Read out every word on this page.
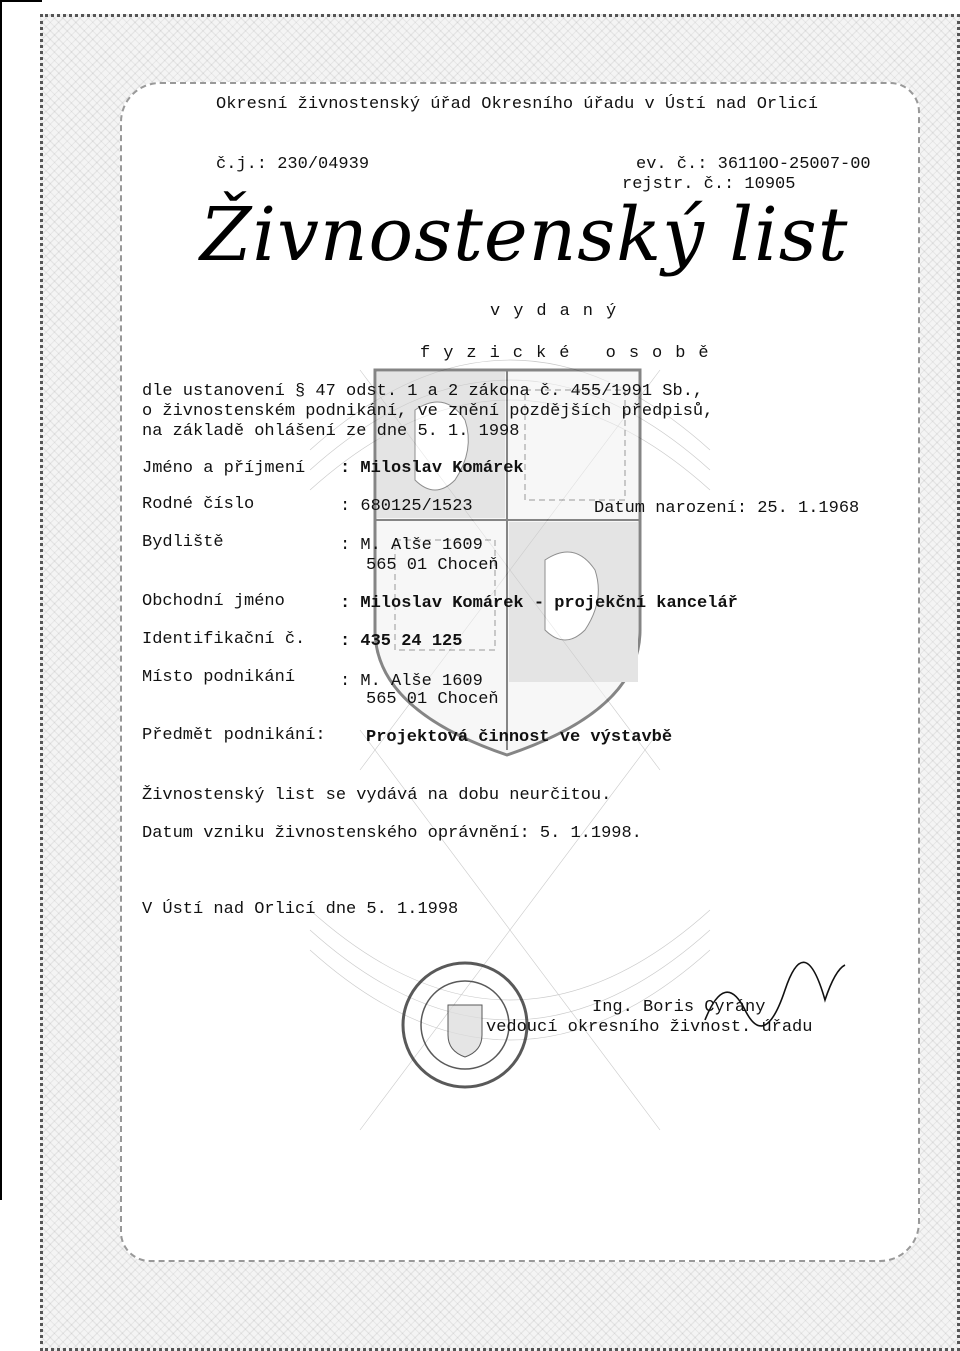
Okresní živnostenský úřad Okresního úřadu v Ústí nad Orlicí
č.j.: 230/04939	ev. č.: 36110O-25007-00
rejstr. č.: 10905
Živnostenský list
vydaný
fyzické osobě
dle ustanovení § 47 odst. 1 a 2 zákona č. 455/1991 Sb.,
o živnostenském podnikání, ve znění pozdějších předpisů,
na základě ohlášení ze dne 5. 1. 1998
Jméno a příjmení : Miloslav Komárek
Rodné číslo	: 680125/1523	Datum narození: 25. 1.1968
Bydliště	: M. Alše 1609
565 01 Choceň
Obchodní jméno	: Miloslav Komárek - projekční kancelář
Identifikační č. : 435 24 125
Místo podnikání	: M. Alše 1609
565 01 Choceň
Předmět podnikání: Projektová činnost ve výstavbě
Živnostenský list se vydává na dobu neurčitou.
Datum vzniku živnostenského oprávnění: 5. 1.1998.
V Ústí nad Orlicí dne 5. 1.1998
Ing. Boris Cyrány
vedoucí okresního živnost. úřadu
